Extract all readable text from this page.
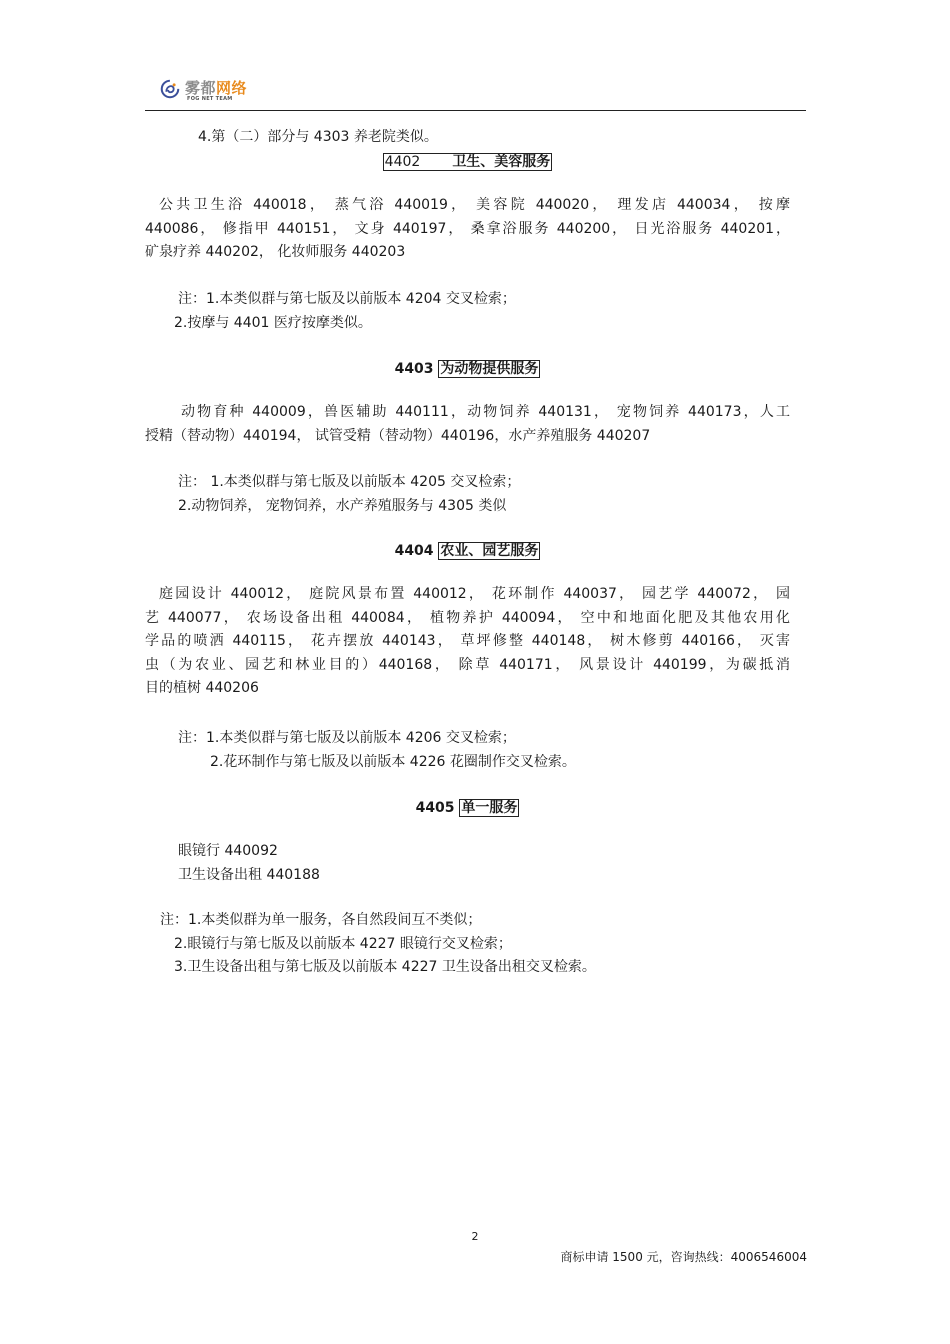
雾都网络
FOG NET TEAM
4.第（二）部分与 4303 养老院类似。
4402 卫生、美容服务
公共卫生浴 440018， 蒸气浴 440019， 美容院 440020， 理发店 440034， 按摩
440086， 修指甲 440151， 文身 440197， 桑拿浴服务 440200， 日光浴服务 440201，
矿泉疗养 440202， 化妆师服务 440203
注：1.本类似群与第七版及以前版本 4204 交叉检索；
2.按摩与 4401 医疗按摩类似。
4403 为动物提供服务
动物育种 440009，兽医辅助 440111，动物饲养 440131， 宠物饲养 440173，人工
授精（替动物）440194， 试管受精（替动物）440196，水产养殖服务 440207
注： 1.本类似群与第七版及以前版本 4205 交叉检索；
2.动物饲养， 宠物饲养，水产养殖服务与 4305 类似
4404 农业、园艺服务
庭园设计 440012， 庭院风景布置 440012， 花环制作 440037， 园艺学 440072， 园
艺 440077， 农场设备出租 440084， 植物养护 440094， 空中和地面化肥及其他农用化
学品的喷洒 440115， 花卉摆放 440143， 草坪修整 440148， 树木修剪 440166， 灭害
虫（为农业、园艺和林业目的）440168， 除草 440171， 风景设计 440199，为碳抵消
目的植树 440206
注：1.本类似群与第七版及以前版本 4206 交叉检索；
2.花环制作与第七版及以前版本 4226 花圈制作交叉检索。
4405 单一服务
眼镜行 440092
卫生设备出租 440188
注：1.本类似群为单一服务，各自然段间互不类似；
2.眼镜行与第七版及以前版本 4227 眼镜行交叉检索；
3.卫生设备出租与第七版及以前版本 4227 卫生设备出租交叉检索。
2
商标申请 1500 元，咨询热线：4006546004
